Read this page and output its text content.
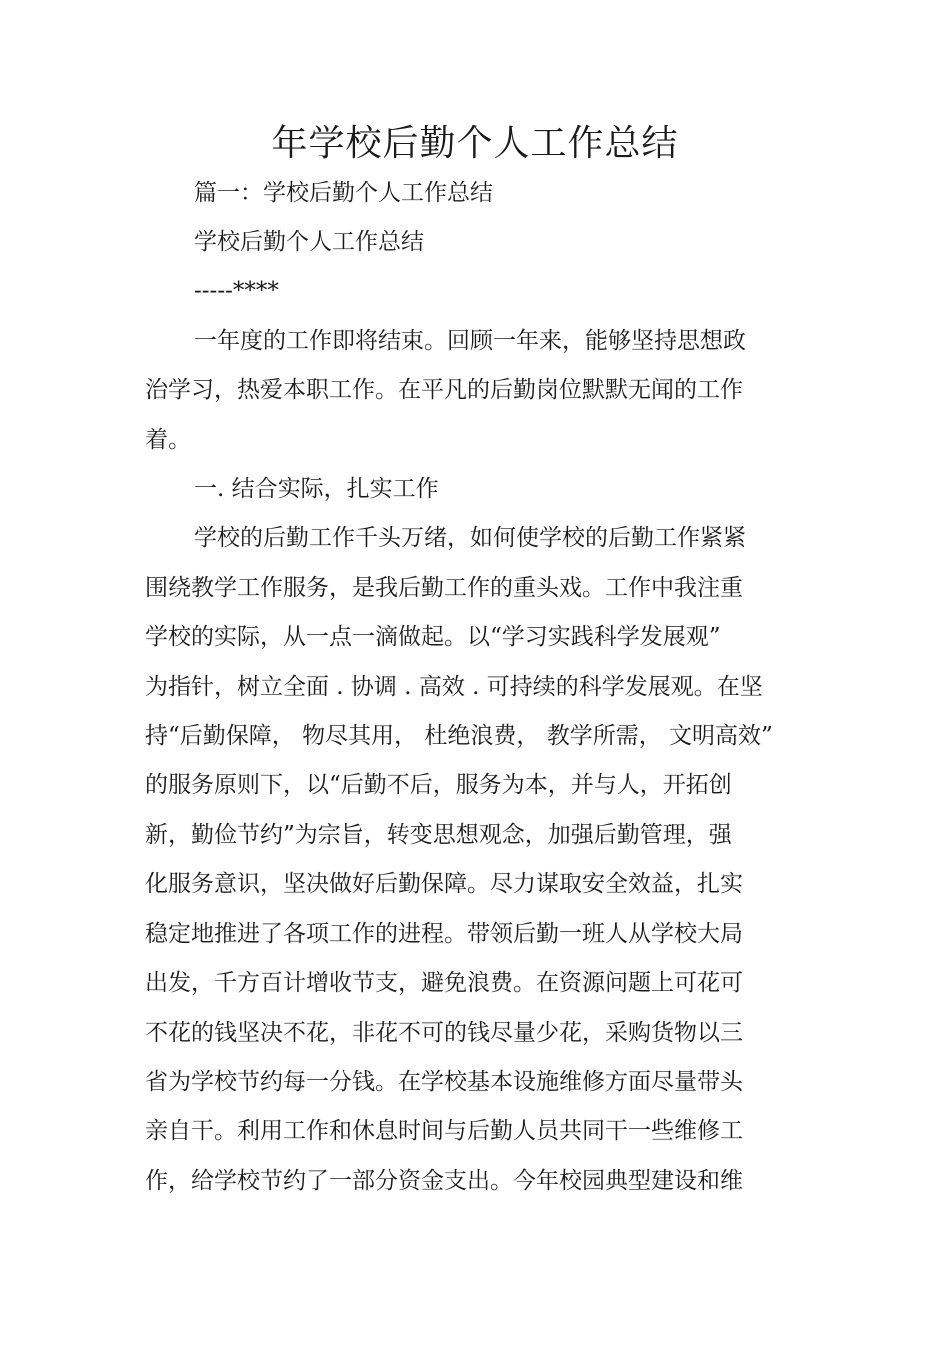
年学校后勤个人工作总结
篇一：学校后勤个人工作总结
学校后勤个人工作总结
-----****
一年度的工作即将结束。回顾一年来，能够坚持思想政
治学习，热爱本职工作。在平凡的后勤岗位默默无闻的工作
着。
一. 结合实际，扎实工作
学校的后勤工作千头万绪，如何使学校的后勤工作紧紧
围绕教学工作服务，是我后勤工作的重头戏。工作中我注重
学校的实际，从一点一滴做起。以“学习实践科学发展观”
为指针，树立全面 . 协调 . 高效 . 可持续的科学发展观。在坚
持“后勤保障， 物尽其用， 杜绝浪费， 教学所需， 文明高效”
的服务原则下，以“后勤不后，服务为本，并与人，开拓创
新，勤俭节约”为宗旨，转变思想观念，加强后勤管理，强
化服务意识，坚决做好后勤保障。尽力谋取安全效益，扎实
稳定地推进了各项工作的进程。带领后勤一班人从学校大局
出发，千方百计增收节支，避免浪费。在资源问题上可花可
不花的钱坚决不花，非花不可的钱尽量少花，采购货物以三
省为学校节约每一分钱。在学校基本设施维修方面尽量带头
亲自干。利用工作和休息时间与后勤人员共同干一些维修工
作，给学校节约了一部分资金支出。今年校园典型建设和维
